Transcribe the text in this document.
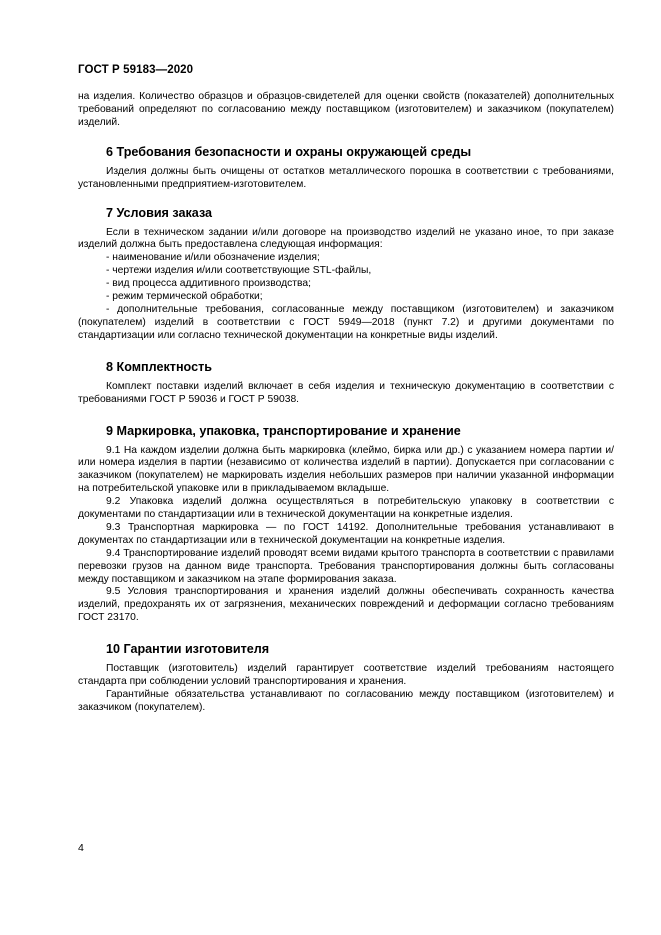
ГОСТ Р 59183—2020

на изделия. Количество образцов и образцов-свидетелей для оценки свойств (показателей) дополнительных требований определяют по согласованию между поставщиком (изготовителем) и заказчиком (покупателем) изделий.

6 Требования безопасности и охраны окружающей среды

Изделия должны быть очищены от остатков металлического порошка в соответствии с требованиями, установленными предприятием-изготовителем.

7 Условия заказа

Если в техническом задании и/или договоре на производство изделий не указано иное, то при заказе изделий должна быть предоставлена следующая информация:

- наименование и/или обозначение изделия;

- чертежи изделия и/или соответствующие STL-файлы,

- вид процесса аддитивного производства;

- режим термической обработки;

- дополнительные требования, согласованные между поставщиком (изготовителем) и заказчиком (покупателем) изделий в соответствии с ГОСТ 5949—2018 (пункт 7.2) и другими документами по стандартизации или согласно технической документации на конкретные виды изделий.

8 Комплектность

Комплект поставки изделий включает в себя изделия и техническую документацию в соответствии с требованиями ГОСТ Р 59036 и ГОСТ Р 59038.

9 Маркировка, упаковка, транспортирование и хранение

9.1 На каждом изделии должна быть маркировка (клеймо, бирка или др.) с указанием номера партии и/или номера изделия в партии (независимо от количества изделий в партии). Допускается при согласовании с заказчиком (покупателем) не маркировать изделия небольших размеров при наличии указанной информации на потребительской упаковке или в прикладываемом вкладыше.

9.2 Упаковка изделий должна осуществляться в потребительскую упаковку в соответствии с документами по стандартизации или в технической документации на конкретные изделия.

9.3 Транспортная маркировка — по ГОСТ 14192. Дополнительные требования устанавливают в документах по стандартизации или в технической документации на конкретные изделия.

9.4 Транспортирование изделий проводят всеми видами крытого транспорта в соответствии с правилами перевозки грузов на данном виде транспорта. Требования транспортирования должны быть согласованы между поставщиком и заказчиком на этапе формирования заказа.

9.5 Условия транспортирования и хранения изделий должны обеспечивать сохранность качества изделий, предохранять их от загрязнения, механических повреждений и деформации согласно требованиям ГОСТ 23170.

10 Гарантии изготовителя

Поставщик (изготовитель) изделий гарантирует соответствие изделий требованиям настоящего стандарта при соблюдении условий транспортирования и хранения.

Гарантийные обязательства устанавливают по согласованию между поставщиком (изготовителем) и заказчиком (покупателем).

4
